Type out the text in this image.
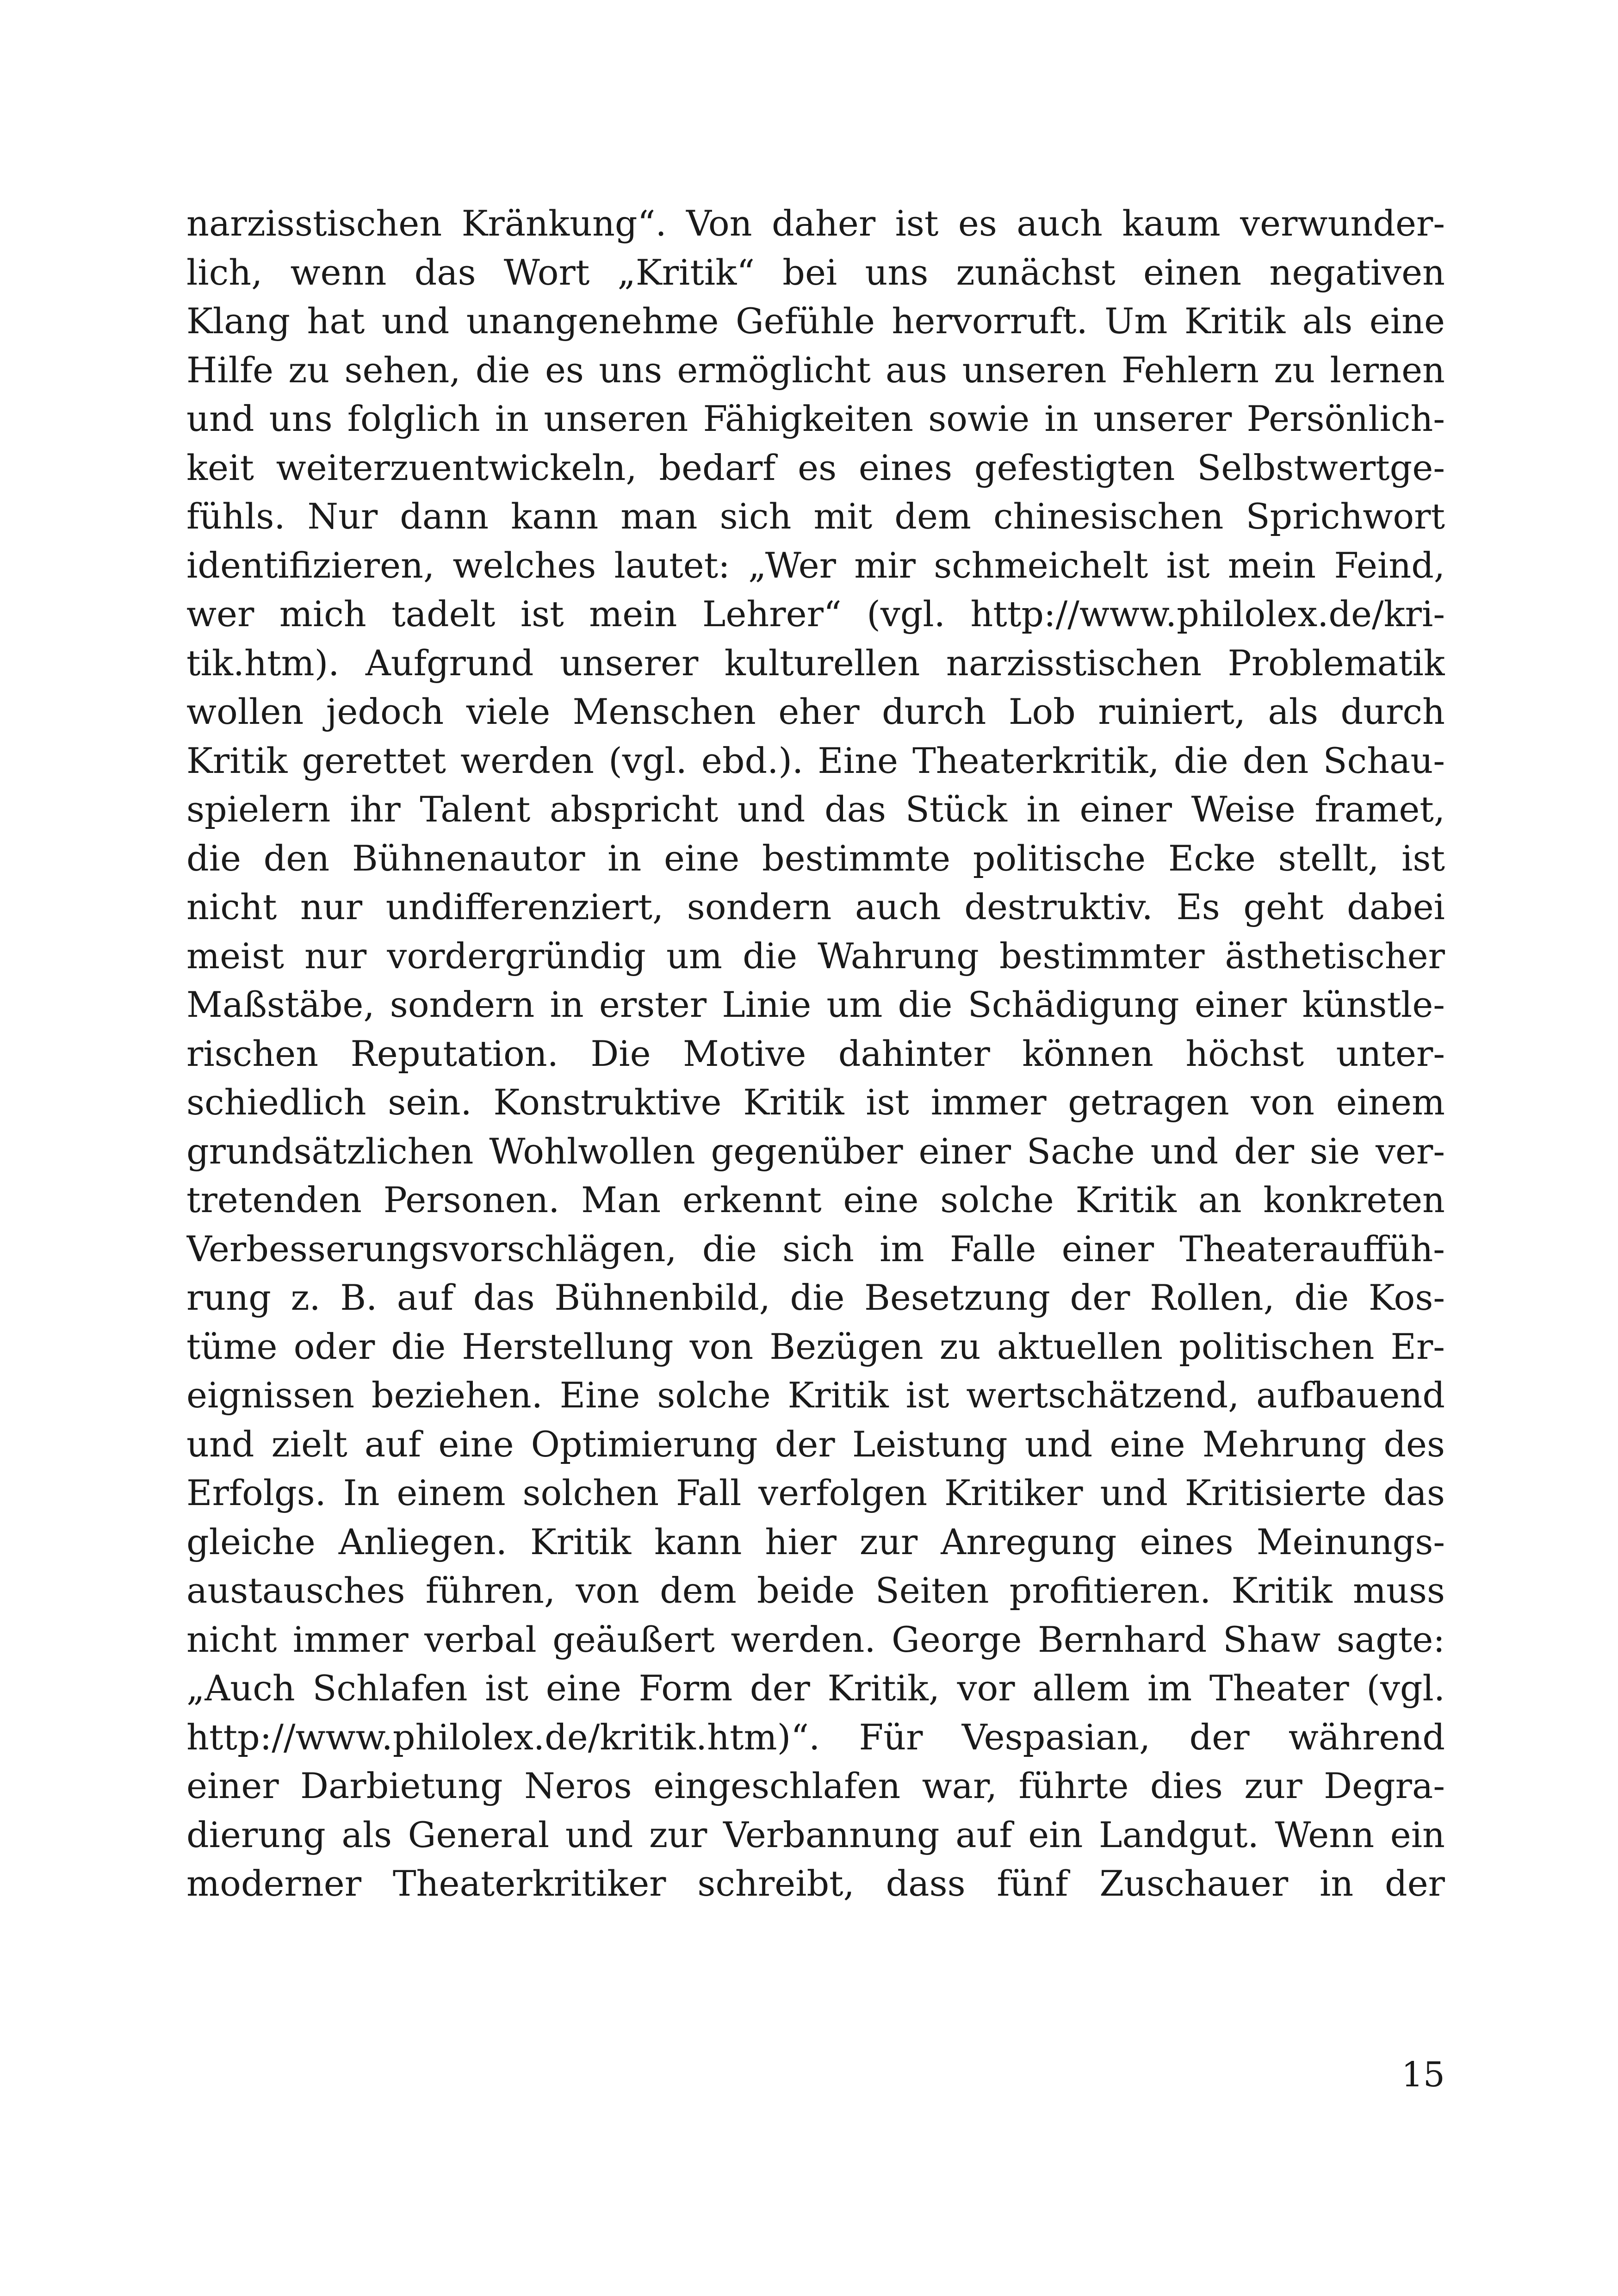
narzisstischen Kränkung“. Von daher ist es auch kaum verwunder-
lich, wenn das Wort „Kritik“ bei uns zunächst einen negativen
Klang hat und unangenehme Gefühle hervorruft. Um Kritik als eine
Hilfe zu sehen, die es uns ermöglicht aus unseren Fehlern zu lernen
und uns folglich in unseren Fähigkeiten sowie in unserer Persönlich-
keit weiterzuentwickeln, bedarf es eines gefestigten Selbstwertge-
fühls. Nur dann kann man sich mit dem chinesischen Sprichwort
identifizieren, welches lautet: „Wer mir schmeichelt ist mein Feind,
wer mich tadelt ist mein Lehrer“ (vgl. http://www.philolex.de/kri-
tik.htm). Aufgrund unserer kulturellen narzisstischen Problematik
wollen jedoch viele Menschen eher durch Lob ruiniert, als durch
Kritik gerettet werden (vgl. ebd.). Eine Theaterkritik, die den Schau-
spielern ihr Talent abspricht und das Stück in einer Weise framet,
die den Bühnenautor in eine bestimmte politische Ecke stellt, ist
nicht nur undifferenziert, sondern auch destruktiv. Es geht dabei
meist nur vordergründig um die Wahrung bestimmter ästhetischer
Maßstäbe, sondern in erster Linie um die Schädigung einer künstle-
rischen Reputation. Die Motive dahinter können höchst unter-
schiedlich sein. Konstruktive Kritik ist immer getragen von einem
grundsätzlichen Wohlwollen gegenüber einer Sache und der sie ver-
tretenden Personen. Man erkennt eine solche Kritik an konkreten
Verbesserungsvorschlägen, die sich im Falle einer Theaterauffüh-
rung z. B. auf das Bühnenbild, die Besetzung der Rollen, die Kos-
tüme oder die Herstellung von Bezügen zu aktuellen politischen Er-
eignissen beziehen. Eine solche Kritik ist wertschätzend, aufbauend
und zielt auf eine Optimierung der Leistung und eine Mehrung des
Erfolgs. In einem solchen Fall verfolgen Kritiker und Kritisierte das
gleiche Anliegen. Kritik kann hier zur Anregung eines Meinungs-
austausches führen, von dem beide Seiten profitieren. Kritik muss
nicht immer verbal geäußert werden. George Bernhard Shaw sagte:
„Auch Schlafen ist eine Form der Kritik, vor allem im Theater (vgl.
http://www.philolex.de/kritik.htm)“. Für Vespasian, der während
einer Darbietung Neros eingeschlafen war, führte dies zur Degra-
dierung als General und zur Verbannung auf ein Landgut. Wenn ein
moderner Theaterkritiker schreibt, dass fünf Zuschauer in der
15
